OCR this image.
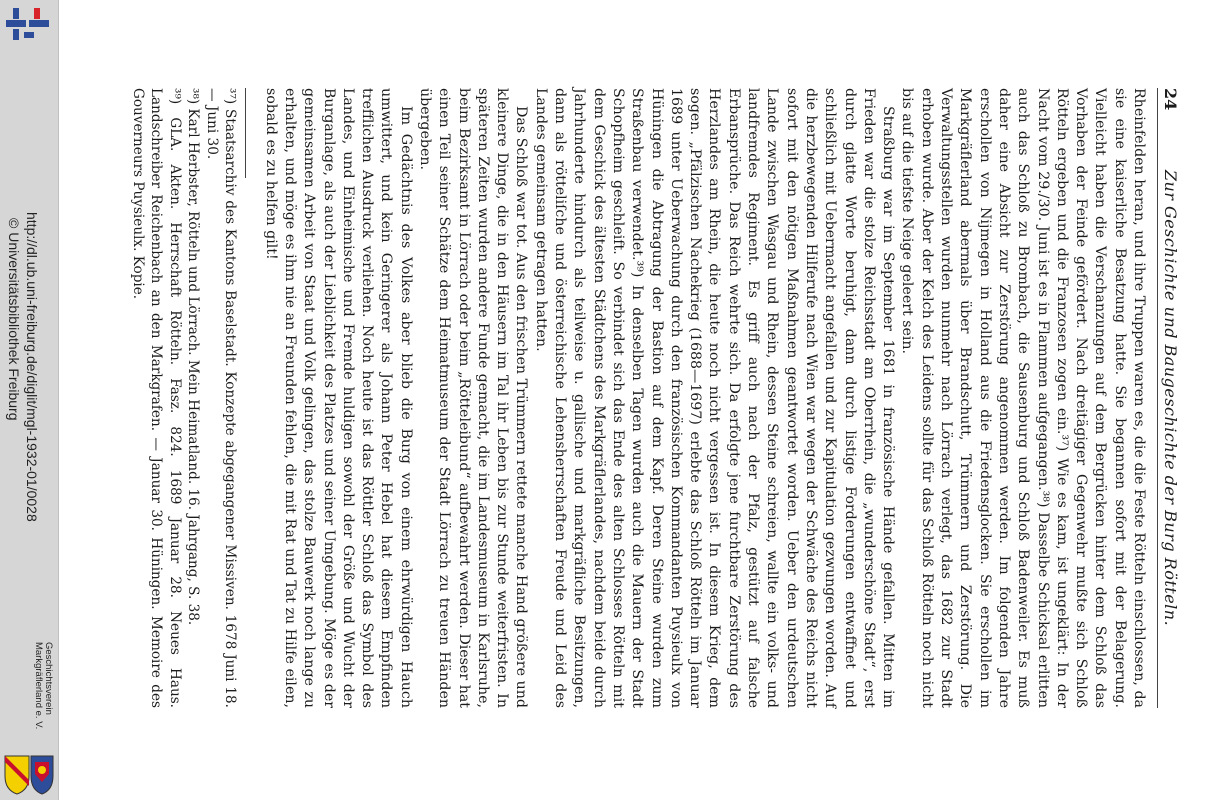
http://dl.ub.uni-freiburg.de/diglit/mgl-1932-01/0028
© Universitätsbibliothek Freiburg
Geschichtsverein
Markgräflerland e. V.
24
Zur Geschichte und Baugeschichte der Burg Rötteln.

Rheinfelden heran, und ihre Truppen waren es, die die Feste Rötteln einschlossen, da sie eine kaiserliche Besatzung hatte. Sie begannen sofort mit der Belagerung. Vielleicht haben die Verschanzungen auf dem Bergrücken hinter dem Schloß das Vorhaben der Feinde gefördert. Nach dreitägiger Gegenwehr mußte sich Schloß Rötteln ergeben und die Franzosen zogen ein.³⁷) Wie es kam, ist ungeklärt: In der Nacht vom 29./30. Juni ist es in Flammen aufgegangen.³⁸) Dasselbe Schicksal erlitten auch das Schloß zu Brombach, die Sausenburg und Schloß Badenweiler. Es muß daher eine Absicht zur Zerstörung angenommen werden. Im folgenden Jahre erschollen von Nijmegen in Holland aus die Friedensglocken. Sie erschollen im Markgräflerland abermals über Brandschutt, Trümmern und Zerstörung. Die Verwaltungsstellen wurden nunmehr nach Lörrach verlegt, das 1682 zur Stadt erhoben wurde. Aber der Kelch des Leidens sollte für das Schloß Rötteln noch nicht bis auf die tiefste Neige geleert sein.

Straßburg war im September 1681 in französische Hände gefallen. Mitten im Frieden war die stolze Reichsstadt am Oberrhein, die „wunderschöne Stadt“, erst durch glatte Worte beruhigt, dann durch listige Forderungen entwaffnet und schließlich mit Uebermacht angefallen und zur Kapitulation gezwungen worden. Auf die herzbewegenden Hilferufe nach Wien war wegen der Schwäche des Reichs nicht sofort mit den nötigen Maßnahmen geantwortet worden. Ueber den urdeutschen Lande zwischen Wasgau und Rhein, dessen Steine schreien, wallte ein volks- und landfremdes Regiment. Es griff auch nach der Pfalz, gestützt auf falsche Erbansprüche. Das Reich wehrte sich. Da erfolgte jene furchtbare Zerstörung des Herzlandes am Rhein, die heute noch nicht vergessen ist. In diesem Krieg, dem sogen. „Pfälzischen Nachekrieg (1688—1697) erlebte das Schloß Rötteln im Januar 1689 unter Ueberwachung durch den französischen Kommandanten Puysieulx von Hüningen die Abtragung der Bastion auf dem Kapf. Deren Steine wurden zum Straßenbau verwendet.³⁹) In denselben Tagen wurden auch die Mauern der Stadt Schopfheim geschleift. So verbindet sich das Ende des alten Schlosses Rötteln mit dem Geschick des ältesten Städtchens des Markgräflerlandes, nachdem beide durch Jahrhunderte hindurch als teilweise u. gallische und markgräfliche Besitzungen, dann als rötteliſche und österreichische Lehensherrschaften Freude und Leid des Landes gemeinsam getragen hatten.

Das Schloß war tot. Aus den frischen Trümmern rettete manche Hand größere und kleinere Dinge, die in den Häusern im Tal ihr Leben bis zur Stunde weiterfristen. In späteren Zeiten wurden andere Funde gemacht, die im Landesmuseum in Karlsruhe, beim Bezirksamt in Lörrach oder beim „Rötteleibund“ aufbewahrt werden. Dieser hat einen Teil seiner Schätze dem Heimatmuseum der Stadt Lörrach zu treuen Händen übergeben.

Im Gedächtnis des Volkes aber blieb die Burg von einem ehrwürdigen Hauch umwittert, und kein Geringerer als Johann Peter Hebel hat diesem Empfinden trefflichen Ausdruck verliehen. Noch heute ist das Röttler Schloß das Symbol des Landes, und Einheimische und Fremde huldigen sowohl der Größe und Wucht der Burganlage, als auch der Lieblichkeit des Platzes und seiner Umgebung. Möge es der gemeinsamen Arbeit von Staat und Volk gelingen, das stolze Bauwerk noch lange zu erhalten, und möge es ihm nie an Freunden fehlen, die mit Rat und Tat zu Hilfe eilen, sobald es zu helfen gilt!

³⁷) Staatsarchiv des Kantons Baselstadt. Konzepte abgegangener Missiven. 1678 Juni 18. — Juni 30.
³⁸) Karl Herbster, Rötteln und Lörrach. Mein Heimatland. 16. Jahrgang, S. 38.
³⁹) GLA. Akten. Herrschaft Rötteln. Fasz. 824. 1689 Januar 28. Neues Haus. Landschreiber Reichenbach an den Markgrafen. — Januar 30. Hüningen. Memoire des Gouverneurs Puysieulx. Kopie.
